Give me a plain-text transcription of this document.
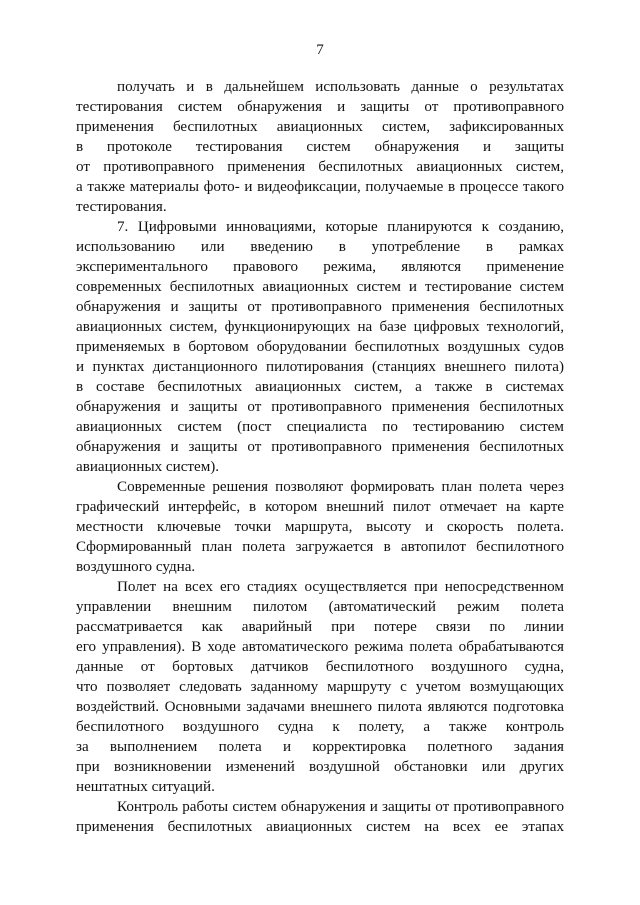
7
получать и в дальнейшем использовать данные о результатах
тестирования систем обнаружения и защиты от противоправного
применения беспилотных авиационных систем, зафиксированных
в протоколе тестирования систем обнаружения и защиты
от противоправного применения беспилотных авиационных систем,
а также материалы фото- и видеофиксации, получаемые в процессе такого
тестирования.
7. Цифровыми инновациями, которые планируются к созданию,
использованию или введению в употребление в рамках
экспериментального правового режима, являются применение
современных беспилотных авиационных систем и тестирование систем
обнаружения и защиты от противоправного применения беспилотных
авиационных систем, функционирующих на базе цифровых технологий,
применяемых в бортовом оборудовании беспилотных воздушных судов
и пунктах дистанционного пилотирования (станциях внешнего пилота)
в составе беспилотных авиационных систем, а также в системах
обнаружения и защиты от противоправного применения беспилотных
авиационных систем (пост специалиста по тестированию систем
обнаружения и защиты от противоправного применения беспилотных
авиационных систем).
Современные решения позволяют формировать план полета через
графический интерфейс, в котором внешний пилот отмечает на карте
местности ключевые точки маршрута, высоту и скорость полета.
Сформированный план полета загружается в автопилот беспилотного
воздушного судна.
Полет на всех его стадиях осуществляется при непосредственном
управлении внешним пилотом (автоматический режим полета
рассматривается как аварийный при потере связи по линии
его управления). В ходе автоматического режима полета обрабатываются
данные от бортовых датчиков беспилотного воздушного судна,
что позволяет следовать заданному маршруту с учетом возмущающих
воздействий. Основными задачами внешнего пилота являются подготовка
беспилотного воздушного судна к полету, а также контроль
за выполнением полета и корректировка полетного задания
при возникновении изменений воздушной обстановки или других
нештатных ситуаций.
Контроль работы систем обнаружения и защиты от противоправного
применения беспилотных авиационных систем на всех ее этапах
